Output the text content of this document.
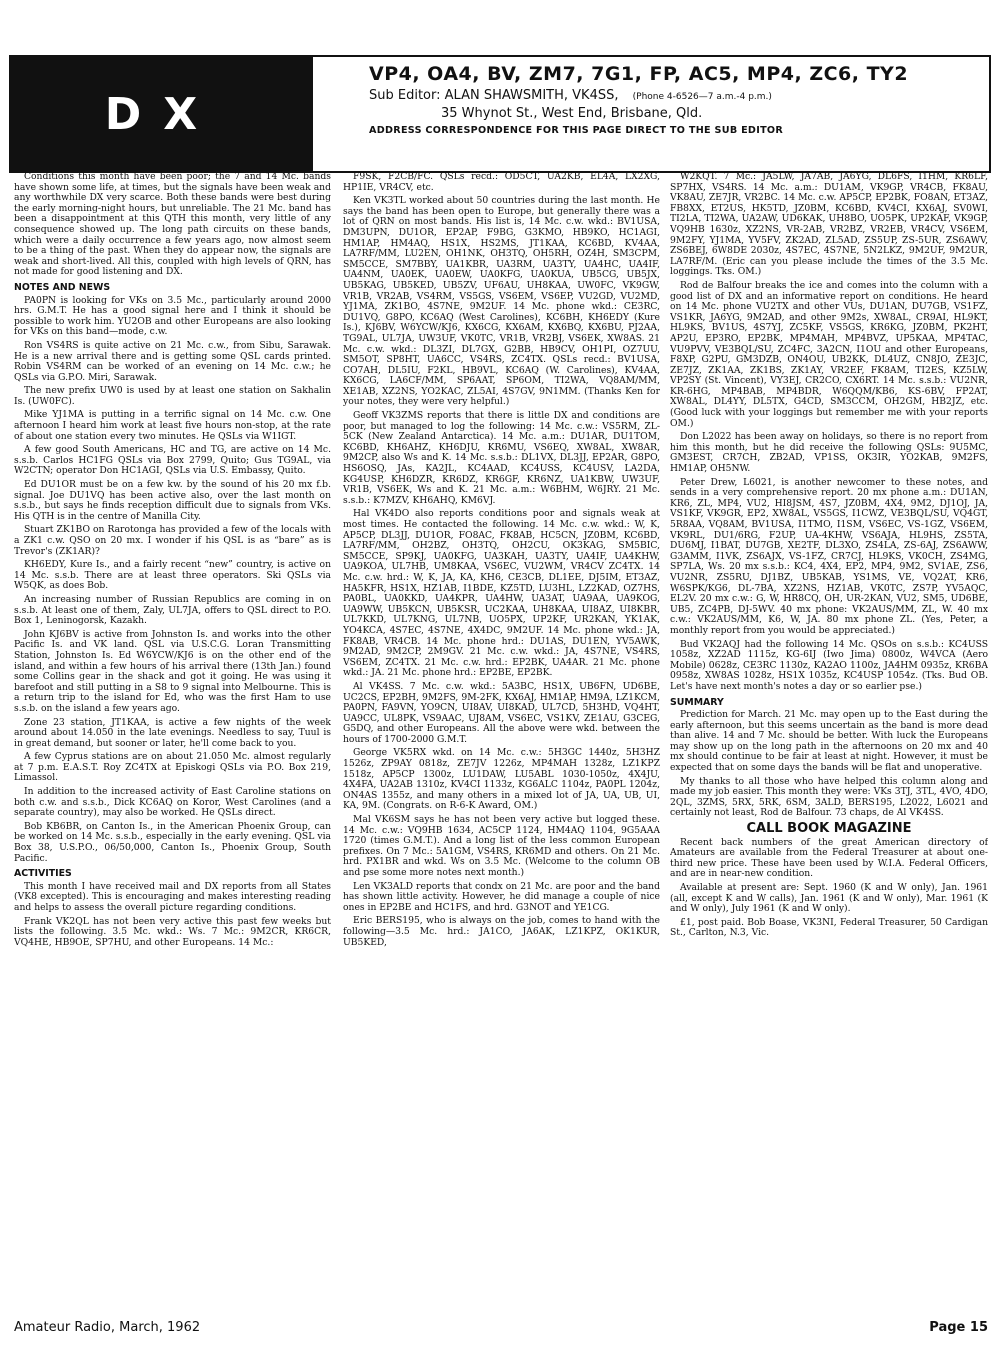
DX
VP4, OA4, BV, ZM7, 7G1, FP, AC5, MP4, ZC6, TY2
Sub Editor: ALAN SHAWSMITH, VK4SS, (Phone 4-6526—7 a.m.-4 p.m.)
35 Whynot St., West End, Brisbane, Qld.
ADDRESS CORRESPONDENCE FOR THIS PAGE DIRECT TO THE SUB EDITOR

Conditions this month have been poor; the 7 and 14 Mc. bands have shown some life, at times, but the signals have been weak and any worthwhile DX very scarce. Both these bands were best during the early morning-night hours, but unreliable. The 21 Mc. band has been a disappointment at this QTH this month, very little of any consequence showed up. The long path circuits on these bands, which were a daily occurrence a few years ago, now almost seem to be a thing of the past. When they do appear now, the signals are weak and short-lived. All this, coupled with high levels of QRN, has not made for good listening and DX.

NOTES AND NEWS

PA0PN is looking for VKs on 3.5 Mc., particularly around 2000 hrs. G.M.T. He has a good signal here and I think it should be possible to work him. YU2OB and other Europeans are also looking for VKs on this band—mode, c.w.

Ron VS4RS is quite active on 21 Mc. c.w., from Sibu, Sarawak. He is a new arrival there and is getting some QSL cards printed. Robin VS4RM can be worked of an evening on 14 Mc. c.w.; he QSLs via G.P.O. Miri, Sarawak.

The new prefix UW0 is used by at least one station on Sakhalin Is. (UW0FC).

Mike YJ1MA is putting in a terrific signal on 14 Mc. c.w. One afternoon I heard him work at least five hours non-stop, at the rate of about one station every two minutes. He QSLs via W1IGT.

A few good South Americans, HC and TG, are active on 14 Mc. s.s.b. Carlos HC1FG QSLs via Box 2799, Quito; Gus TG9AL, via W2CTN; operator Don HC1AGI, QSLs via U.S. Embassy, Quito.

Ed DU1OR must be on a few kw. by the sound of his 20 mx f.b. signal. Joe DU1VQ has been active also, over the last month on s.s.b., but says he finds reception difficult due to signals from VKs. His QTH is in the centre of Manilla City.

Stuart ZK1BO on Rarotonga has provided a few of the locals with a ZK1 c.w. QSO on 20 mx. I wonder if his QSL is as “bare” as is Trevor's (ZK1AR)?

KH6EDY, Kure Is., and a fairly recent “new” country, is active on 14 Mc. s.s.b. There are at least three operators. Ski QSLs via W5QK, as does Bob.

An increasing number of Russian Republics are coming in on s.s.b. At least one of them, Zaly, UL7JA, offers to QSL direct to P.O. Box 1, Leninogorsk, Kazakh.

John KJ6BV is active from Johnston Is. and works into the other Pacific Is. and VK land. QSL via U.S.C.G. Loran Transmitting Station, Johnston Is. Ed W6YCW/KJ6 is on the other end of the island, and within a few hours of his arrival there (13th Jan.) found some Collins gear in the shack and got it going. He was using it barefoot and still putting in a S8 to 9 signal into Melbourne. This is a return trip to the island for Ed, who was the first Ham to use s.s.b. on the island a few years ago.

Zone 23 station, JT1KAA, is active a few nights of the week around about 14.050 in the late evenings. Needless to say, Tuul is in great demand, but sooner or later, he'll come back to you.

A few Cyprus stations are on about 21.050 Mc. almost regularly at 7 p.m. E.A.S.T. Roy ZC4TX at Episkogi QSLs via P.O. Box 219, Limassol.

In addition to the increased activity of East Caroline stations on both c.w. and s.s.b., Dick KC6AQ on Koror, West Carolines (and a separate country), may also be worked. He QSLs direct.

Bob KB6BR, on Canton Is., in the American Phoenix Group, can be worked on 14 Mc. s.s.b., especially in the early evening. QSL via Box 38, U.S.P.O., 06/50,000, Canton Is., Phoenix Group, South Pacific.

ACTIVITIES

This month I have received mail and DX reports from all States (VK8 excepted). This is encouraging and makes interesting reading and helps to assess the overall picture regarding conditions.

Frank VK2QL has not been very active this past few weeks but lists the following. 3.5 Mc. wkd.: Ws. 7 Mc.: 9M2CR, KR6CR, VQ4HE, HB9OE, SP7HU, and other Europeans. 14 Mc.:

F9SK, F2CB/FC. QSLs recd.: OD5CT, UA2KB, EL4A, LX2XG, HP1IE, VR4CV, etc.

Ken VK3TL worked about 50 countries during the last month. He says the band has been open to Europe, but generally there was a lot of QRN on most bands. His list is, 14 Mc. c.w. wkd.: BV1USA, DM3UPN, DU1OR, EP2AP, F9BG, G3KMO, HB9KO, HC1AGI, HM1AP, HM4AQ, HS1X, HS2MS, JT1KAA, KC6BD, KV4AA, LA7RF/MM, LU2EN, OH1NK, OH3TQ, OH5RH, OZ4H, SM3CPM, SM5CCE, SM7BBY, UA1KBR, UA3RM, UA3TY, UA4HC, UA4IF, UA4NM, UA0EK, UA0EW, UA0KFG, UA0KUA, UB5CG, UB5JX, UB5KAG, UB5KED, UB5ZV, UF6AU, UH8KAA, UW0FC, VK9GW, VR1B, VR2AB, VS4RM, VS5GS, VS6EM, VS6EP, VU2GD, VU2MD, YJ1MA, ZK1BO, 4S7NE, 9M2UF. 14 Mc. phone wkd.: CE3RC, DU1VQ, G8PO, KC6AQ (West Carolines), KC6BH, KH6EDY (Kure Is.), KJ6BV, W6YCW/KJ6, KX6CG, KX6AM, KX6BQ, KX6BU, PJ2AA, TG9AL, UL7JA, UW3UF, VK0TC, VR1B, VR2BJ, VS6EK, XW8AS. 21 Mc. c.w. wkd.: DL3ZI, DL7GX, G2BB, HB9CV, OH1PI, OZ7UU, SM5OT, SP8HT, UA6CC, VS4RS, ZC4TX. QSLs recd.: BV1USA, CO7AH, DL5IU, F2KL, HB9VL, KC6AQ (W. Carolines), KV4AA, KX6CG, LA6CF/MM, SP6AAT, SP6OM, TI2WA, VQ8AM/MM, XE1AB, XZ2NS, YO2KAC, ZL5AI, 4S7GV, 9N1MM. (Thanks Ken for your notes, they were very helpful.)

Geoff VK3ZMS reports that there is little DX and conditions are poor, but managed to log the following: 14 Mc. c.w.: VS5RM, ZL-5CK (New Zealand Antarctica). 14 Mc. a.m.: DU1AR, DU1TOM, KC6BD, KH6AHZ, KH6DJU, KR6MU, VS6EQ, XW8AL, XW8AR, 9M2CP, also Ws and K. 14 Mc. s.s.b.: DL1VX, DL3JJ, EP2AR, G8PO, HS6OSQ, JAs, KA2JL, KC4AAD, KC4USS, KC4USV, LA2DA, KG4USP, KH6DZR, KR6DZ, KR6GF, KR6NZ, UA1KBW, UW3UF, VR1B, VS6EK, Ws and K. 21 Mc. a.m.: W6BHM, W6JRY. 21 Mc. s.s.b.: K7MZV, KH6AHQ, KM6VJ.

Hal VK4DO also reports conditions poor and signals weak at most times. He contacted the following. 14 Mc. c.w. wkd.: W, K, AP5CP, DL3JJ, DU1OR, FO8AC, FK8AB, HC5CN, JZ0BM, KC6BD, LA7RF/MM, OH2BZ, OH3TQ, OH2CU, OK3KAG, SM5BIC, SM5CCE, SP9KJ, UA0KFG, UA3KAH, UA3TY, UA4IF, UA4KHW, UA9KOA, UL7HB, UM8KAA, VS6EC, VU2WM, VR4CV ZC4TX. 14 Mc. c.w. hrd.: W, K, JA, KA, KH6, CE3CB, DL1EE, DJ5IM, ET3AZ, HA5KFR, HS1X, HZ1AB, I1BDE, KZ5TD, LU3HL, LZ2KAD, OZ7HS, PA0BL, UA0KKD, UA4KPR, UA4HW, UA3AT, UA9AA, UA9KOG, UA9WW, UB5KCN, UB5KSR, UC2KAA, UH8KAA, UI8AZ, UI8KBR, UL7KKD, UL7KNG, UL7NB, UO5PX, UP2KF, UR2KAN, YK1AK, YO4KCA, 4S7EC, 4S7NE, 4X4DC, 9M2UF. 14 Mc. phone wkd.: JA, FK8AB, VR4CB. 14 Mc. phone hrd.: DU1AS, DU1EN, YV5AWK, 9M2AD, 9M2CP, 2M9GV. 21 Mc. c.w. wkd.: JA, 4S7NE, VS4RS, VS6EM, ZC4TX. 21 Mc. c.w. hrd.: EP2BK, UA4AR. 21 Mc. phone wkd.: JA. 21 Mc. phone hrd.: EP2BE, EP2BK.

Al VK4SS. 7 Mc. c.w. wkd.: 5A3BC, HS1X, UB6FN, UD6BE, UC2CS, EP2BH, 9M2FS, 9M-2FK, KX6AJ, HM1AP, HM9A, LZ1KCM, PA0PN, FA9VN, YO9CN, UI8AV, UI8KAD, UL7CD, 5H3HD, VQ4HT, UA9CC, UL8PK, VS9AAC, UJ8AM, VS6EC, VS1KV, ZE1AU, G3CEG, G5DQ, and other Europeans. All the above were wkd. between the hours of 1700-2000 G.M.T.

George VK5RX wkd. on 14 Mc. c.w.: 5H3GC 1440z, 5H3HZ 1526z, ZP9AY 0818z, ZE7JV 1226z, MP4MAH 1328z, LZ1KPZ 1518z, AP5CP 1300z, LU1DAW, LU5ABL 1030-1050z, 4X4JU, 4X4FA, UA2AB 1310z, KV4CI 1133z, KG6ALC 1104z, PA0PL 1204z, ON4AS 1355z, and many others in a mixed lot of JA, UA, UB, UI, KA, 9M. (Congrats. on R-6-K Award, OM.)

Mal VK6SM says he has not been very active but logged these. 14 Mc. c.w.: VQ9HB 1634, AC5CP 1124, HM4AQ 1104, 9G5AAA 1720 (times G.M.T.). And a long list of the less common European prefixes. On 7 Mc.: 5A1GM, VS4RS, KR6MD and others. On 21 Mc. hrd. PX1BR and wkd. Ws on 3.5 Mc. (Welcome to the column OB and pse some more notes next month.)

Len VK3ALD reports that condx on 21 Mc. are poor and the band has shown little activity. However, he did manage a couple of nice ones in EP2BE and HC1FS, and hrd. G3NOT and YE1CG.

Eric BERS195, who is always on the job, comes to hand with the following—3.5 Mc. hrd.: JA1CO, JA6AK, LZ1KPZ, OK1KUR, UB5KED,

W2KQT. 7 Mc.: JA5LW, JA7AB, JA6YG, DL6FS, I1HM, KR6LF, SP7HX, VS4RS. 14 Mc. a.m.: DU1AM, VK9GP, VR4CB, FK8AU, VK8AU, ZE7JR, VR2BC. 14 Mc. c.w. AP5CP, EP2BK, FO8AN, ET3AZ, FB8XX, ET2US, HK5TD, JZ0BM, KC6BD, KV4CI, KX6AJ, SV0WI, TI2LA, TI2WA, UA2AW, UD6KAK, UH8BO, UO5PK, UP2KAF, VK9GP, VQ9HB 1630z, XZ2NS, VR-2AB, VR2BZ, VR2EB, VR4CV, VS6EM, 9M2FY, YJ1MA, YV5FV, ZK2AD, ZL5AD, ZS5UP, ZS-5UR, ZS6AWV, ZS6BEJ, 6W8DE 2030z, 4S7EC, 4S7NE, 5N2LKZ, 9M2UF, 9M2UR, LA7RF/M. (Eric can you please include the times of the 3.5 Mc. loggings. Tks. OM.)

Rod de Balfour breaks the ice and comes into the column with a good list of DX and an informative report on conditions. He heard on 14 Mc. phone VU2TX and other VUs, DU1AN, DU7GB, VS1FZ, VS1KR, JA6YG, 9M2AD, and other 9M2s, XW8AL, CR9AI, HL9KT, HL9KS, BV1US, 4S7YJ, ZC5KF, VS5GS, KR6KG, JZ0BM, PK2HT, AP2U, EP3RO, EP2BK, MP4MAH, MP4BVZ, UP5KAA, MP4TAC, VU9PVV, VE3BQL/SU, ZC4FC, 3A2CN, I1OU and other Europeans, F8XP, G2PU, GM3DZB, ON4OU, UB2KK, DL4UZ, CN8JO, ZE3JC, ZE7JZ, ZK1AA, ZK1BS, ZK1AY, VR2EF, FK8AM, TI2ES, KZ5LW, VP2SY (St. Vincent), VY3EJ, CR2CO, CX6RT. 14 Mc. s.s.b.: VU2NR, KR-6HG, MP4BAB, MP4BDR, W6QQM/KB6, KS-6BV, FP2AT, XW8AL, DL4YY, DL5TX, G4CD, SM3CCM, OH2GM, HB2JZ, etc. (Good luck with your loggings but remember me with your reports OM.)

Don L2022 has been away on holidays, so there is no report from him this month, but he did receive the following QSLs: 9U5MC, GM3EST, CR7CH, ZB2AD, VP1SS, OK3IR, YO2KAB, 9M2FS, HM1AP, OH5NW.

Peter Drew, L6021, is another newcomer to these notes, and sends in a very comprehensive report. 20 mx phone a.m.: DU1AN, KR6, ZL, MP4, VU2, HI8JSM, 4S7, JZ0BM, 4X4, 9M2, DJ1OJ, JA, VS1KF, VK9GR, EP2, XW8AL, VS5GS, I1CWZ, VE3BQL/SU, VQ4GT, 5R8AA, VQ8AM, BV1USA, I1TMO, I1SM, VS6EC, VS-1GZ, VS6EM, VK9RL, DU1/6RG, F2UP, UA-4KHW, VS6AJA, HL9HS, ZS5TA, DU6MJ, I1BAT, DU7GB, XE2TF, DL3XO, ZS4LA, ZS-6AJ, ZS6AWW, G3AMM, I1VK, ZS6AJX, VS-1FZ, CR7CJ, HL9KS, VK0CH, ZS4MG, SP7LA, Ws. 20 mx s.s.b.: KC4, 4X4, EP2, MP4, 9M2, SV1AE, ZS6, VU2NR, ZS5RU, DJ1BZ, UB5KAB, YS1MS, VE, VQ2AT, KR6, W6SPK/KG6, DL-7BA, XZ2NS, HZ1AB, VK0TC, ZS7P, YV5AQC, EL2V. 20 mx c.w.: G, W, HR8CQ, OH, UR-2KAN, VU2, SM5, UD6BE, UB5, ZC4PB, DJ-5WV. 40 mx phone: VK2AUS/MM, ZL, W. 40 mx c.w.: VK2AUS/MM, K6, W, JA. 80 mx phone ZL. (Yes, Peter, a monthly report from you would be appreciated.)

Bud VK2AQJ had the following 14 Mc. QSOs on s.s.b.: KC4USS 1058z, XZ2AD 1115z, KG-6IJ (Iwo Jima) 0800z, W4VCA (Aero Mobile) 0628z, CE3RC 1130z, KA2AO 1100z, JA4HM 0935z, KR6BA 0958z, XW8AS 1028z, HS1X 1035z, KC4USP 1054z. (Tks. Bud OB. Let's have next month's notes a day or so earlier pse.)

SUMMARY

Prediction for March. 21 Mc. may open up to the East during the early afternoon, but this seems uncertain as the band is more dead than alive. 14 and 7 Mc. should be better. With luck the Europeans may show up on the long path in the afternoons on 20 mx and 40 mx should continue to be fair at least at night. However, it must be expected that on some days the bands will be flat and unoperative.

My thanks to all those who have helped this column along and made my job easier. This month they were: VKs 3TJ, 3TL, 4VO, 4DO, 2QL, 3ZMS, 5RX, 5RK, 6SM, 3ALD, BERS195, L2022, L6021 and certainly not least, Rod de Balfour. 73 chaps, de Al VK4SS.

CALL BOOK MAGAZINE

Recent back numbers of the great American directory of Amateurs are available from the Federal Treasurer at about one-third new price. These have been used by W.I.A. Federal Officers, and are in near-new condition.

Available at present are: Sept. 1960 (K and W only), Jan. 1961 (all, except K and W calls), Jan. 1961 (K and W only), Mar. 1961 (K and W only), July 1961 (K and W only).

£1, post paid. Bob Boase, VK3NI, Federal Treasurer, 50 Cardigan St., Carlton, N.3, Vic.

Amateur Radio, March, 1962	Page 15
